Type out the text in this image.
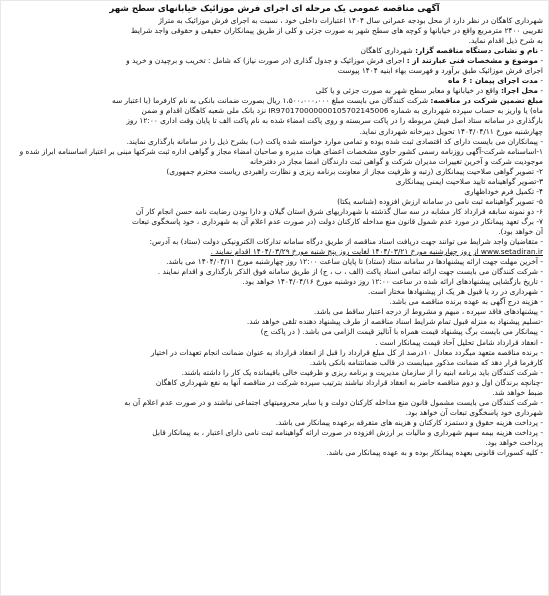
آگهی مناقصه عمومی یک مرحله ای اجرای فرش موزائیک خیابانهای سطح شهر
شهرداری کاهگان در نظر دارد از محل بودجه عمرانی سال ۱۴۰۴ اعتبارات داخلی خود ، نسبت به اجرای فرش موزائیک به متراژ
تقریبی ۲۴۰۰ مترمربع واقع در خیابانها و کوچه های سطح شهر به صورت جزئی و کلی از طریق پیمانکاران حقیقی و حقوقی واجد شرایط
به شرح ذیل اقدام نماید.
- نام و نشانی دستگاه مناقصه گزار: شهرداری کاهگان
- موضوع و مشخصات فنی عبارتند از : اجرای فرش موزائیک و جدول گذاری (در صورت نیاز) که شامل : تخریب و برچیدن و خرید و
اجرای فرش موزائیک طبق برآورد و فهرست بهاء ابنیه ۱۴۰۴ پیوست
- مدت اجرای پیمان : ۶ ماه
- محل اجرا: واقع در خیابانها و معابر سطح شهر به صورت جزئی و یا کلی
مبلغ تضمین شرکت در مناقصه: شرکت کنندگان می بایست مبلغ ۱،۵۰۰،۰۰۰،۰۰۰ ریال بصورت ضمانت بانکی به نام کارفرما (با اعتبار سه
ماه) یا واریز به حساب سپرده شهرداری به شماره IR970170000000105702145006 نزد بانک ملی شعبه کاهگان اقدام و ضمن
بارگذاری در سامانه ستاد اصل فیش مربوطه را در پاکت سربسته و روی پاکت امضاء شده به نام پاکت الف تا پایان وقت اداری ۱۲:۰۰ روز
چهارشنبه مورخ ۱۴۰۴/۰۴/۱۱ تحویل دبیرخانه شهرداری نماید.
- پیمانکاران می بایست دارای کد اقتصادی ثبت شده بوده و تمامی موارد خواسته شده پاکت (ب) بشرح ذیل را در سامانه بارگذاری نمایند.
۱-اساسنامه شرکت-آگهی روزنامه رسمی کشور حاوی مشخصات اعضای هیات مدیره و صاحبان امضاء مجاز و گواهی اداره ثبت شرکتها مبنی بر اعتبار اساسنامه ابراز شده و
موجودیت شرکت و آخرین تغییرات مدیران شرکت و گواهی ثبت دارندگان امضا مجاز در دفترخانه
۲- تصویر گواهی صلاحیت پیمانکاری (رتبه و ظرفیت مجاز از معاونت برنامه ریزی و نظارت راهبردی ریاست محترم جمهوری)
۳-تصویر گواهینامه تایید صلاحیت ایمنی پیمانکاری
۴- تکمیل فرم خوداظهاری
۵- تصویر گواهینامه ثبت نامی در سامانه ارزش افزوده (شناسه یکتا)
۶- دو نمونه سابقه قرارداد کار مشابه در سه سال گذشته با شهرداریهای شرق استان گیلان و دارا بودن رضایت نامه حسن انجام کار آن
۷- برگ تعهد پیمانکار در مورد عدم شمول قانون منع مداخله کارکنان دولت (در صورت عدم اعلام آن به شهرداری ، خود پاسخگوی تبعات
آن خواهد بود).
- متقاضیان واجد شرایط می توانند جهت دریافت اسناد مناقصه از طریق درگاه سامانه تدارکات الکترونیکی دولت (ستاد) به آدرس:
www.setadiran.ir از روز چهارشنبه مورخ ۱۴۰۴/۰۳/۲۱ لغایت روز پنج شنبه مورخ ۱۴۰۴/۰۳/۲۹ اقدام نمایند .
- آخرین مهلت جهت ارائه پیشنهادها در سامانه ستاد (ستاد) تا پایان ساعت ۱۲:۰۰ روز چهارشنبه مورخ ۱۴۰۴/۰۴/۱۱ می باشد.
- شرکت کنندگان می بایست جهت ارائه تمامی اسناد پاکت (الف ، ب ، ج) از طریق سامانه فوق الذکر بارگذاری و اقدام نمایند .
- تاریخ بازگشایی پیشنهادهای ارائه شده در ساعت ۱۲:۰۰ روز دوشنبه مورخ ۱۴۰۴/۰۴/۱۶ خواهد بود.
- شهرداری در رد یا قبول هر یک از پیشنهادها مختار است.
- هزینه درج آگهی به عهده برنده مناقصه می باشد.
- پیشنهادهای فاقد سپرده ، مبهم و مشروط از درجه اعتبار ساقط می باشد.
-تسلیم پیشنهاد به منزله قبول تمام شرایط اسناد مناقصه از طرف پیشنهاد دهنده تلقی خواهد شد.
- پیمانکار می بایست برگ پیشنهاد قیمت همراه با آنالیز قیمت الزامی می باشد. ( در پاکت ج)
- انعقاد قرارداد شامل تحلیل آحاد قیمت پیمانکار است .
- برنده مناقصه متعهد میگردد معادل ۱۰درصد از کل مبلغ قرارداد را قبل از انعقاد قرارداد به عنوان ضمانت انجام تعهدات در اختیار
کارفرما قرار دهد که ضمانت مذکور میبایست در قالب ضمانتنامه بانکی باشد.
- شرکت کنندگان باید برنامه ابنیه را از سازمان مدیریت و برنامه ریزی و ظرفیت خالی باقیمانده یک کار را داشته باشند.
-چنانچه برندگان اول و دوم مناقصه حاضر به انعقاد قرارداد نباشند بترتیب سپرده شرکت در مناقصه آنها به نفع شهرداری کاهگان
ضبط خواهد شد.
- شرکت کنندگان می بایست مشمول قانون منع مداخله کارکنان دولت و یا سایر محرومیتهای اجتماعی نباشند و در صورت عدم اعلام آن به
شهرداری خود پاسخگوی تبعات آن خواهد بود.
- پرداخت هزینه حقوق و دستمزد کارکنان و هزینه های متفرقه برعهده پیمانکار می باشد.
- پرداخت هزینه بیمه سهم شهرداری و مالیات بر ارزش افزوده در صورت ارائه گواهینامه ثبت نامی دارای اعتبار ، به پیمانکار قابل
پرداخت خواهد بود.
- کلیه کسورات قانونی بعهده پیمانکار بوده و به عهده پیمانکار می باشد.
